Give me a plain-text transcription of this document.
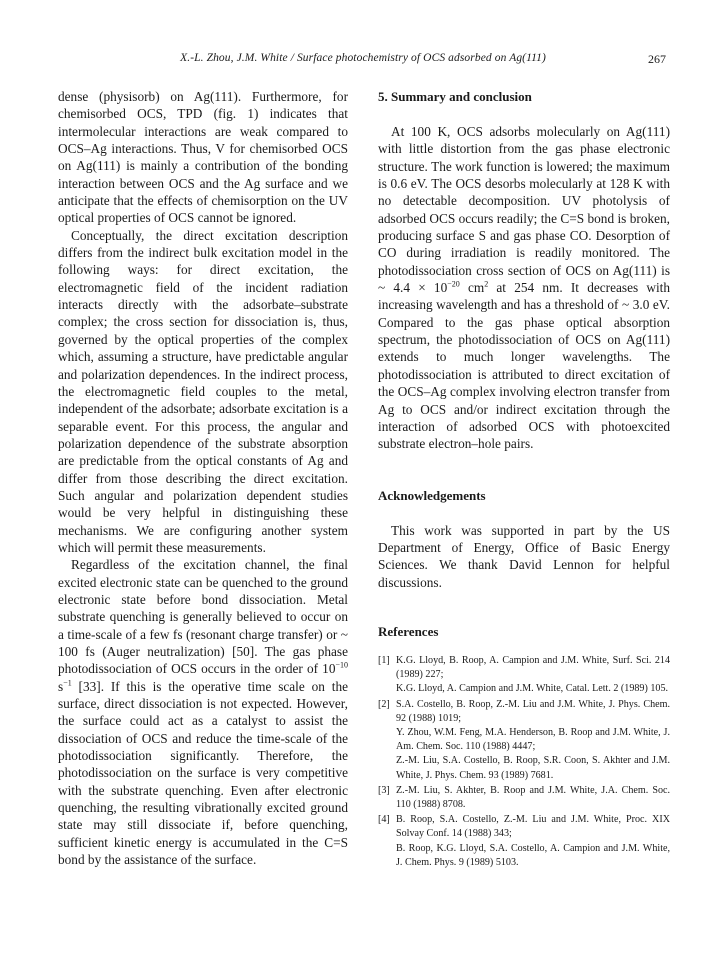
X.-L. Zhou, J.M. White / Surface photochemistry of OCS adsorbed on Ag(111)	267

dense (physisorb) on Ag(111). Furthermore, for chemisorbed OCS, TPD (fig. 1) indicates that intermolecular interactions are weak compared to OCS–Ag interactions. Thus, V for chemisorbed OCS on Ag(111) is mainly a contribution of the bonding interaction between OCS and the Ag surface and we anticipate that the effects of chemisorption on the UV optical properties of OCS cannot be ignored.

Conceptually, the direct excitation description differs from the indirect bulk excitation model in the following ways: for direct excitation, the electromagnetic field of the incident radiation interacts directly with the adsorbate–substrate complex; the cross section for dissociation is, thus, governed by the optical properties of the complex which, assuming a structure, have predictable angular and polarization dependences. In the indirect process, the electromagnetic field couples to the metal, independent of the adsorbate; adsorbate excitation is a separable event. For this process, the angular and polarization dependence of the substrate absorption are predictable from the optical constants of Ag and differ from those describing the direct excitation. Such angular and polarization dependent studies would be very helpful in distinguishing these mechanisms. We are configuring another system which will permit these measurements.

Regardless of the excitation channel, the final excited electronic state can be quenched to the ground electronic state before bond dissociation. Metal substrate quenching is generally believed to occur on a time-scale of a few fs (resonant charge transfer) or ~ 100 fs (Auger neutralization) [50]. The gas phase photodissociation of OCS occurs in the order of $10^{-10}$ $s^{-1}$ [33]. If this is the operative time scale on the surface, direct dissociation is not expected. However, the surface could act as a catalyst to assist the dissociation of OCS and reduce the time-scale of the photodissociation significantly. Therefore, the photodissociation on the surface is very competitive with the substrate quenching. Even after electronic quenching, the resulting vibrationally excited ground state may still dissociate if, before quenching, sufficient kinetic energy is accumulated in the C=S bond by the assistance of the surface.

5. Summary and conclusion

At 100 K, OCS adsorbs molecularly on Ag(111) with little distortion from the gas phase electronic structure. The work function is lowered; the maximum is 0.6 eV. The OCS desorbs molecularly at 128 K with no detectable decomposition. UV photolysis of adsorbed OCS occurs readily; the C=S bond is broken, producing surface S and gas phase CO. Desorption of CO during irradiation is readily monitored. The photodissociation cross section of OCS on Ag(111) is ~ $4.4 \times 10^{-20}$ $cm^2$ at 254 nm. It decreases with increasing wavelength and has a threshold of ~ 3.0 eV. Compared to the gas phase optical absorption spectrum, the photodissociation of OCS on Ag(111) extends to much longer wavelengths. The photodissociation is attributed to direct excitation of the OCS–Ag complex involving electron transfer from Ag to OCS and/or indirect excitation through the interaction of adsorbed OCS with photoexcited substrate electron–hole pairs.

Acknowledgements

This work was supported in part by the US Department of Energy, Office of Basic Energy Sciences. We thank David Lennon for helpful discussions.

References
[1] K.G. Lloyd, B. Roop, A. Campion and J.M. White, Surf. Sci. 214 (1989) 227;
K.G. Lloyd, A. Campion and J.M. White, Catal. Lett. 2 (1989) 105.
[2] S.A. Costello, B. Roop, Z.-M. Liu and J.M. White, J. Phys. Chem. 92 (1988) 1019;
Y. Zhou, W.M. Feng, M.A. Henderson, B. Roop and J.M. White, J. Am. Chem. Soc. 110 (1988) 4447;
Z.-M. Liu, S.A. Costello, B. Roop, S.R. Coon, S. Akhter and J.M. White, J. Phys. Chem. 93 (1989) 7681.
[3] Z.-M. Liu, S. Akhter, B. Roop and J.M. White, J.A. Chem. Soc. 110 (1988) 8708.
[4] B. Roop, S.A. Costello, Z.-M. Liu and J.M. White, Proc. XIX Solvay Conf. 14 (1988) 343;
B. Roop, K.G. Lloyd, S.A. Costello, A. Campion and J.M. White, J. Chem. Phys. 9 (1989) 5103.
